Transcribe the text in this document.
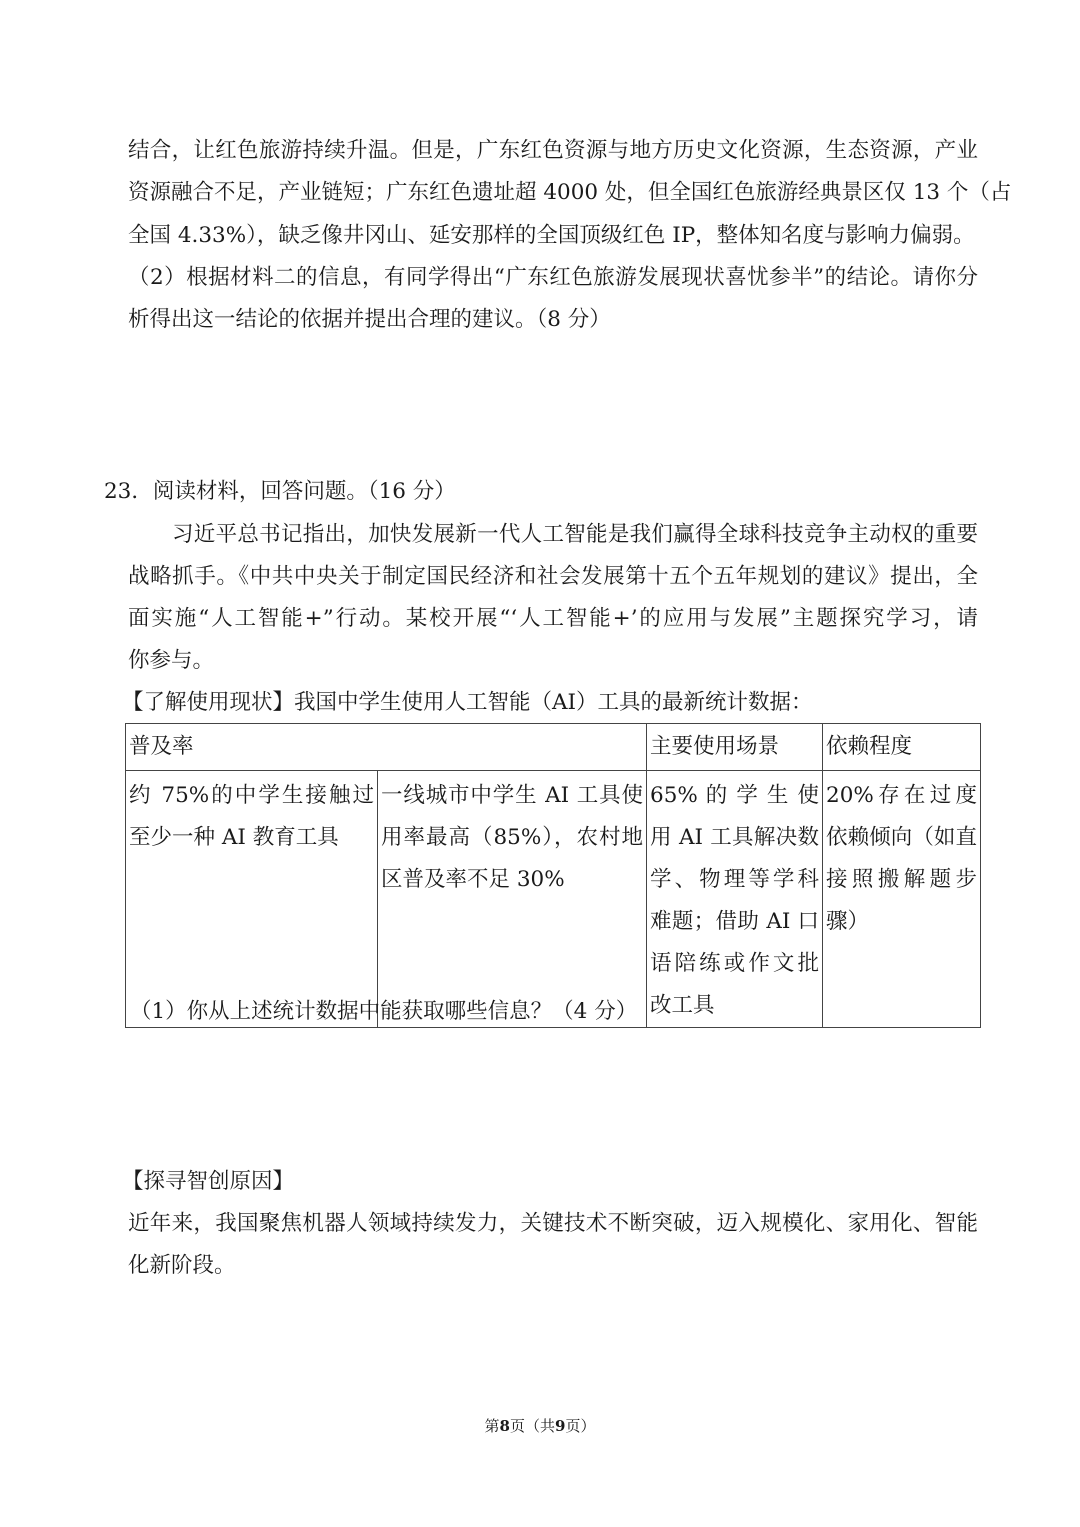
结合，让红色旅游持续升温。但是，广东红色资源与地方历史文化资源，生态资源，产业
资源融合不足，产业链短；广东红色遗址超 4000 处，但全国红色旅游经典景区仅 13 个（占
全国 4.33%），缺乏像井冈山、延安那样的全国顶级红色 IP，整体知名度与影响力偏弱。
（2）根据材料二的信息，有同学得出“广东红色旅游发展现状喜忧参半”的结论。请你分
析得出这一结论的依据并提出合理的建议。（8 分）
23．阅读材料，回答问题。（16 分）
习近平总书记指出，加快发展新一代人工智能是我们赢得全球科技竞争主动权的重要
战略抓手。《中共中央关于制定国民经济和社会发展第十五个五年规划的建议》提出，全
面实施“人工智能+”行动。某校开展“‘人工智能+’的应用与发展”主题探究学习，请
你参与。
【了解使用现状】我国中学生使用人工智能（AI）工具的最新统计数据：
普及率		主要使用场景	依赖程度
约 75%的中学生接触过至少一种 AI 教育工具	一线城市中学生 AI 工具使用率最高（85%），农村地区普及率不足 30%	65% 的 学 生 使 用 AI 工具解决数学、物理等学科难题；借助 AI 口语陪练或作文批改工具	20%存在过度依赖倾向（如直接照搬解题步骤）
（1）你从上述统计数据中能获取哪些信息？（4 分）
【探寻智创原因】
近年来，我国聚焦机器人领域持续发力，关键技术不断突破，迈入规模化、家用化、智能
化新阶段。
第8页（共9页）
